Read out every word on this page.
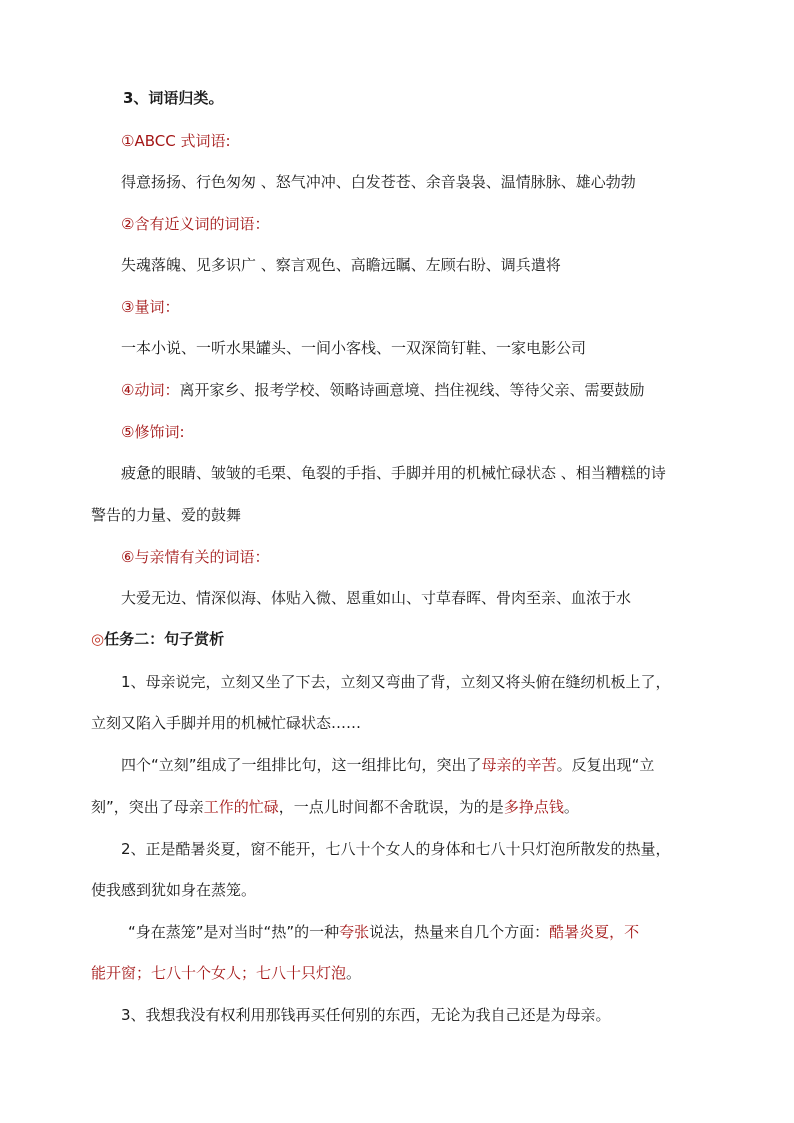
3、词语归类。
①ABCC 式词语:
得意扬扬、行色匆匆 、怒气冲冲、白发苍苍、余音袅袅、温情脉脉、雄心勃勃
②含有近义词的词语：
失魂落魄、见多识广 、察言观色、高瞻远瞩、左顾右盼、调兵遣将
③量词：
一本小说、一听水果罐头、一间小客栈、一双深筒钉鞋、一家电影公司
④动词：离开家乡、报考学校、领略诗画意境、挡住视线、等待父亲、需要鼓励
⑤修饰词:
疲惫的眼睛、皱皱的毛栗、龟裂的手指、手脚并用的机械忙碌状态 、相当糟糕的诗
警告的力量、爱的鼓舞
⑥与亲情有关的词语：
大爱无边、情深似海、体贴入微、恩重如山、寸草春晖、骨肉至亲、血浓于水
◎任务二：句子赏析
1、母亲说完，立刻又坐了下去，立刻又弯曲了背，立刻又将头俯在缝纫机板上了，
立刻又陷入手脚并用的机械忙碌状态……
四个“立刻”组成了一组排比句，这一组排比句，突出了母亲的辛苦。反复出现“立
刻”，突出了母亲工作的忙碌，一点儿时间都不舍耽误，为的是多挣点钱。
2、正是酷暑炎夏，窗不能开，七八十个女人的身体和七八十只灯泡所散发的热量，
使我感到犹如身在蒸笼。
“身在蒸笼”是对当时“热”的一种夸张说法，热量来自几个方面：酷暑炎夏，不
能开窗；七八十个女人；七八十只灯泡。
3、我想我没有权利用那钱再买任何别的东西，无论为我自己还是为母亲。
